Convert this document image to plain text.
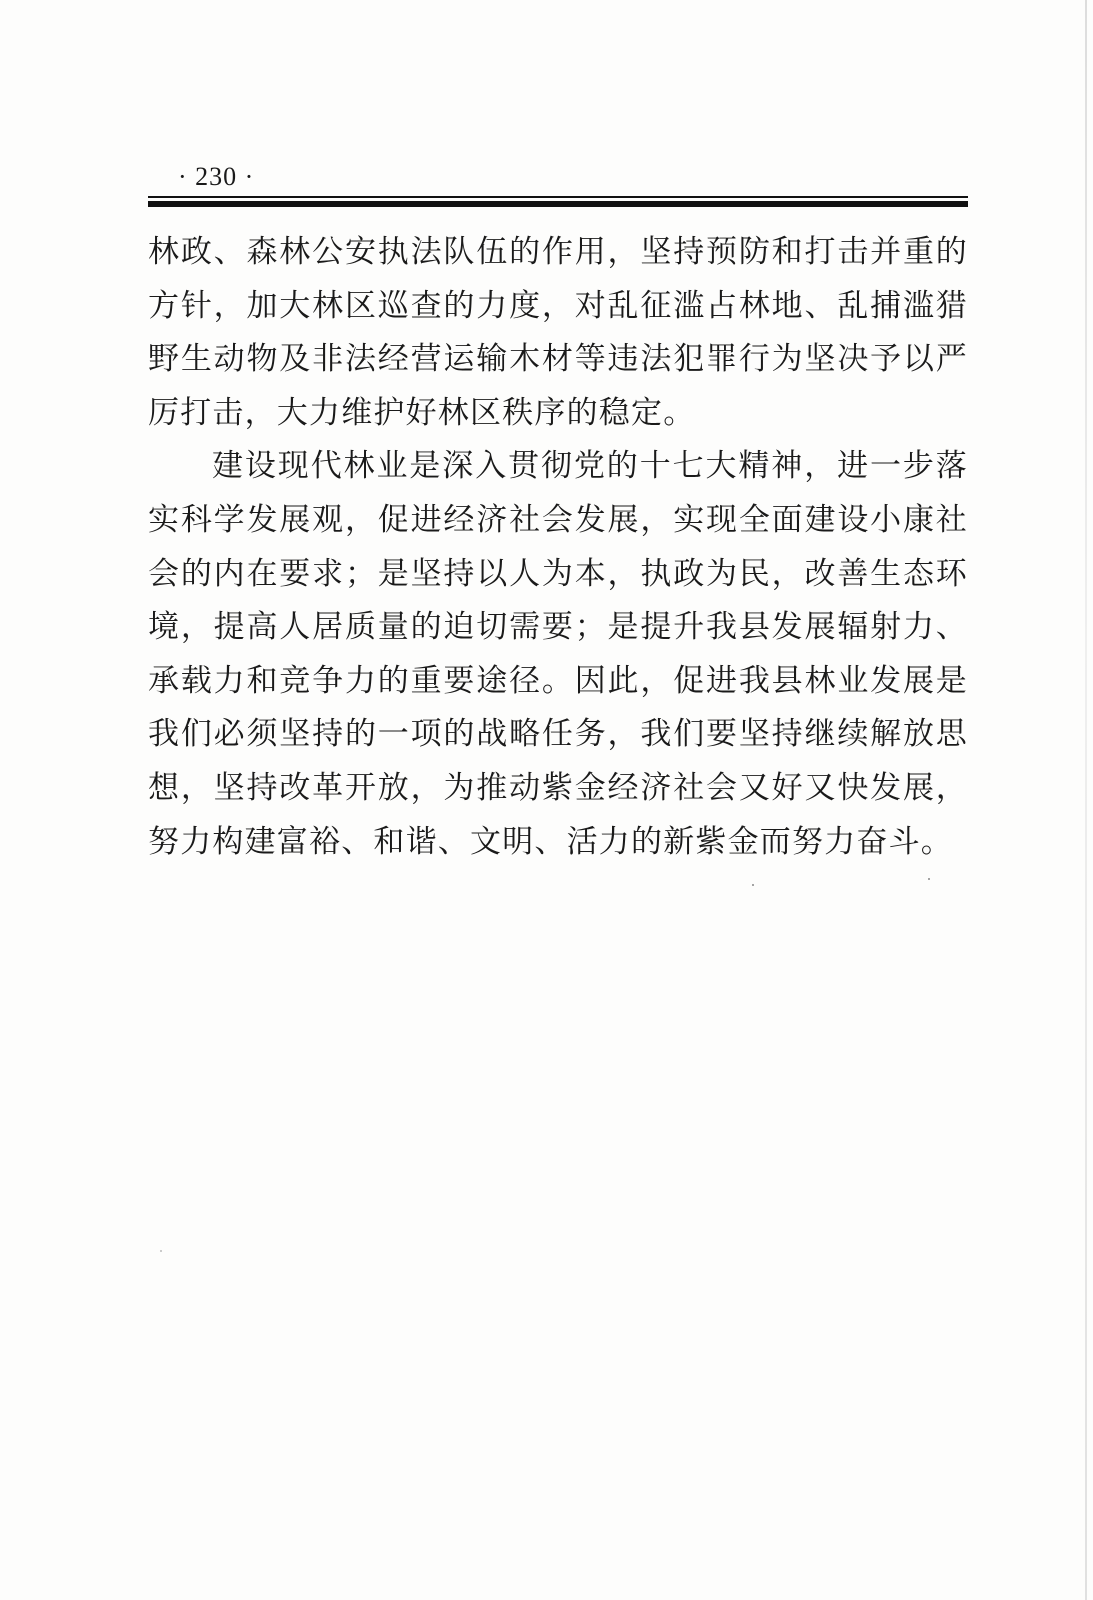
· 230 ·

林政、森林公安执法队伍的作用，坚持预防和打击并重的方针，加大林区巡查的力度，对乱征滥占林地、乱捕滥猎野生动物及非法经营运输木材等违法犯罪行为坚决予以严厉打击，大力维护好林区秩序的稳定。

建设现代林业是深入贯彻党的十七大精神，进一步落实科学发展观，促进经济社会发展，实现全面建设小康社会的内在要求；是坚持以人为本，执政为民，改善生态环境，提高人居质量的迫切需要；是提升我县发展辐射力、承载力和竞争力的重要途径。因此，促进我县林业发展是我们必须坚持的一项的战略任务，我们要坚持继续解放思想，坚持改革开放，为推动紫金经济社会又好又快发展，努力构建富裕、和谐、文明、活力的新紫金而努力奋斗。
